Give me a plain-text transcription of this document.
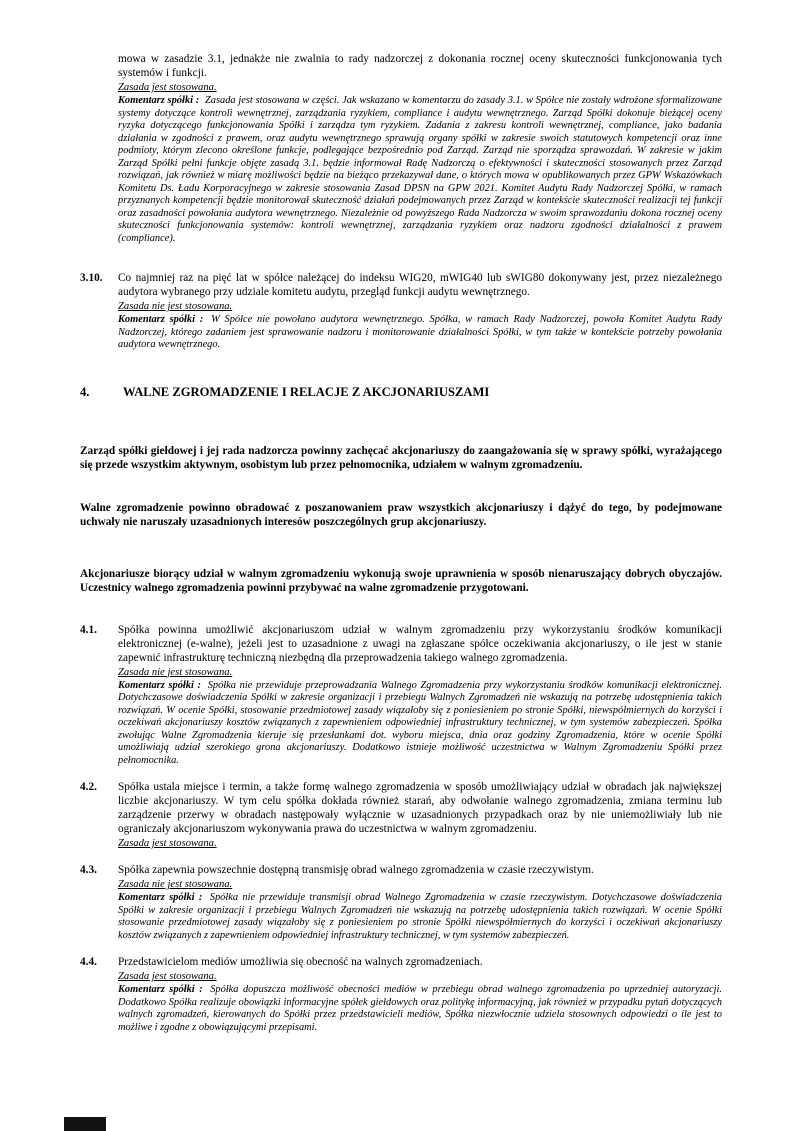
mowa w zasadzie 3.1, jednakże nie zwalnia to rady nadzorczej z dokonania rocznej oceny skuteczności funkcjonowania tych systemów i funkcji.

Zasada jest stosowana.

Komentarz spółki : Zasada jest stosowana w części. Jak wskazano w komentarzu do zasady 3.1. w Spółce nie zostały wdrożone sformalizowane systemy dotyczące kontroli wewnętrznej, zarządzania ryzykiem, compliance i audytu wewnętrznego. Zarząd Spółki dokonuje bieżącej oceny ryzyka dotyczącego funkcjonowania Spółki i zarządza tym ryzykiem. Zadania z zakresu kontroli wewnętrznej, compliance, jako badania działania w zgodności z prawem, oraz audytu wewnętrznego sprawują organy spółki w zakresie swoich statutowych kompetencji oraz inne podmioty, którym zlecono określone funkcje, podlegające bezpośrednio pod Zarząd. Zarząd nie sporządza sprawozdań. W zakresie w jakim Zarząd Spółki pełni funkcje objęte zasadą 3.1. będzie informował Radę Nadzorczą o efektywności i skuteczności stosowanych przez Zarząd rozwiązań, jak również w miarę możliwości będzie na bieżąco przekazywał dane, o których mowa w opublikowanych przez GPW Wskazówkach Komitetu Ds. Ładu Korporacyjnego w zakresie stosowania Zasad DPSN na GPW 2021. Komitet Audytu Rady Nadzorczej Spółki, w ramach przyznanych kompetencji będzie monitorował skuteczność działań podejmowanych przez Zarząd w kontekście skuteczności realizacji tej funkcji oraz zasadności powołania audytora wewnętrznego. Niezależnie od powyższego Rada Nadzorcza w swoim sprawozdaniu dokona rocznej oceny skuteczności funkcjonowania systemów: kontroli wewnętrznej, zarządzania ryzykiem oraz nadzoru zgodności działalności z prawem (compliance).

3.10. Co najmniej raz na pięć lat w spółce należącej do indeksu WIG20, mWIG40 lub sWIG80 dokonywany jest, przez niezależnego audytora wybranego przy udziale komitetu audytu, przegląd funkcji audytu wewnętrznego.

Zasada nie jest stosowana.

Komentarz spółki : W Spółce nie powołano audytora wewnętrznego. Spółka, w ramach Rady Nadzorczej, powoła Komitet Audytu Rady Nadzorczej, którego zadaniem jest sprawowanie nadzoru i monitorowanie działalności Spółki, w tym także w kontekście potrzeby powołania audytora wewnętrznego.

4.	WALNE ZGROMADZENIE I RELACJE Z AKCJONARIUSZAMI

Zarząd spółki giełdowej i jej rada nadzorcza powinny zachęcać akcjonariuszy do zaangażowania się w sprawy spółki, wyrażającego się przede wszystkim aktywnym, osobistym lub przez pełnomocnika, udziałem w walnym zgromadzeniu.

Walne zgromadzenie powinno obradować z poszanowaniem praw wszystkich akcjonariuszy i dążyć do tego, by podejmowane uchwały nie naruszały uzasadnionych interesów poszczególnych grup akcjonariuszy.

Akcjonariusze biorący udział w walnym zgromadzeniu wykonują swoje uprawnienia w sposób nienaruszający dobrych obyczajów. Uczestnicy walnego zgromadzenia powinni przybywać na walne zgromadzenie przygotowani.

4.1. Spółka powinna umożliwić akcjonariuszom udział w walnym zgromadzeniu przy wykorzystaniu środków komunikacji elektronicznej (e-walne), jeżeli jest to uzasadnione z uwagi na zgłaszane spółce oczekiwania akcjonariuszy, o ile jest w stanie zapewnić infrastrukturę techniczną niezbędną dla przeprowadzenia takiego walnego zgromadzenia.

Zasada nie jest stosowana.

Komentarz spółki : Spółka nie przewiduje przeprowadzania Walnego Zgromadzenia przy wykorzystaniu środków komunikacji elektronicznej. Dotychczasowe doświadczenia Spółki w zakresie organizacji i przebiegu Walnych Zgromadzeń nie wskazują na potrzebę udostępnienia takich rozwiązań. W ocenie Spółki, stosowanie przedmiotowej zasady wiązałoby się z poniesieniem po stronie Spółki, niewspółmiernych do korzyści i oczekiwań akcjonariuszy kosztów związanych z zapewnieniem odpowiedniej infrastruktury technicznej, w tym systemów zabezpieczeń. Spółka zwołując Walne Zgromadzenia kieruje się przesłankami dot. wyboru miejsca, dnia oraz godziny Zgromadzenia, które w ocenie Spółki umożliwiają udział szerokiego grona akcjonariuszy. Dodatkowo istnieje możliwość uczestnictwa w Walnym Zgromadzeniu Spółki przez pełnomocnika.

4.2. Spółka ustala miejsce i termin, a także formę walnego zgromadzenia w sposób umożliwiający udział w obradach jak największej liczbie akcjonariuszy. W tym celu spółka dokłada również starań, aby odwołanie walnego zgromadzenia, zmiana terminu lub zarządzenie przerwy w obradach następowały wyłącznie w uzasadnionych przypadkach oraz by nie uniemożliwiały lub nie ograniczały akcjonariuszom wykonywania prawa do uczestnictwa w walnym zgromadzeniu.

Zasada jest stosowana.

4.3. Spółka zapewnia powszechnie dostępną transmisję obrad walnego zgromadzenia w czasie rzeczywistym.

Zasada nie jest stosowana.

Komentarz spółki : Spółka nie przewiduje transmisji obrad Walnego Zgromadzenia w czasie rzeczywistym. Dotychczasowe doświadczenia Spółki w zakresie organizacji i przebiegu Walnych Zgromadzeń nie wskazują na potrzebę udostępnienia takich rozwiązań. W ocenie Spółki stosowanie przedmiotowej zasady wiązałoby się z poniesieniem po stronie Spółki niewspółmiernych do korzyści i oczekiwań akcjonariuszy kosztów związanych z zapewnieniem odpowiedniej infrastruktury technicznej, w tym systemów zabezpieczeń.

4.4. Przedstawicielom mediów umożliwia się obecność na walnych zgromadzeniach.

Zasada jest stosowana.

Komentarz spółki : Spółka dopuszcza możliwość obecności mediów w przebiegu obrad walnego zgromadzenia po uprzedniej autoryzacji. Dodatkowo Spółka realizuje obowiązki informacyjne spółek giełdowych oraz politykę informacyjną, jak również w przypadku pytań dotyczących walnych zgromadzeń, kierowanych do Spółki przez przedstawicieli mediów, Spółka niezwłocznie udziela stosownych odpowiedzi o ile jest to możliwe i zgodne z obowiązującymi przepisami.
